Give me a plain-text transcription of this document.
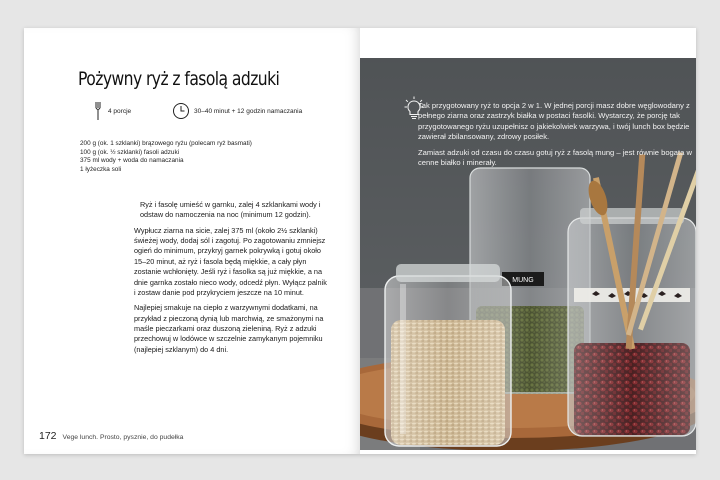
MUNG
Pożywny ryż z fasolą adzuki
4 porcje	30–40 minut + 12 godzin namaczania
200 g (ok. 1 szklanki) brązowego ryżu (polecam ryż basmati)
100 g (ok. ½ szklanki) fasoli adzuki
375 ml wody + woda do namaczania
1 łyżeczka soli

Ryż i fasolę umieść w garnku, zalej 4 szklankami wody i odstaw do namoczenia na noc (minimum 12 godzin).

Wypłucz ziarna na sicie, zalej 375 ml (około 2½ szklanki) świeżej wody, dodaj sól i zagotuj. Po zagotowaniu zmniejsz ogień do minimum, przykryj garnek pokrywką i gotuj około 15–20 minut, aż ryż i fasola będą miękkie, a cały płyn zostanie wchłonięty. Jeśli ryż i fasolka są już miękkie, a na dnie garnka zostało nieco wody, odcedź płyn. Wyłącz palnik i zostaw danie pod przykryciem jeszcze na 10 minut.

Najlepiej smakuje na ciepło z warzywnymi dodatkami, na przykład z pieczoną dynią lub marchwią, ze smażonymi na maśle pieczarkami oraz duszoną zieleniną. Ryż z adzuki przechowuj w lodówce w szczelnie zamykanym pojemniku (najlepiej szklanym) do 4 dni.

172 Vege lunch. Prosto, pysznie, do pudełka

Tak przygotowany ryż to opcja 2 w 1. W jednej porcji masz dobre węglowodany z pełnego ziarna oraz zastrzyk białka w postaci fasolki. Wystarczy, że porcję tak przygotowanego ryżu uzupełnisz o jakiekolwiek warzywa, i twój lunch box będzie zawierał zbilansowany, zdrowy posiłek.

Zamiast adzuki od czasu do czasu gotuj ryż z fasolą mung – jest równie bogata w cenne białko i minerały.
